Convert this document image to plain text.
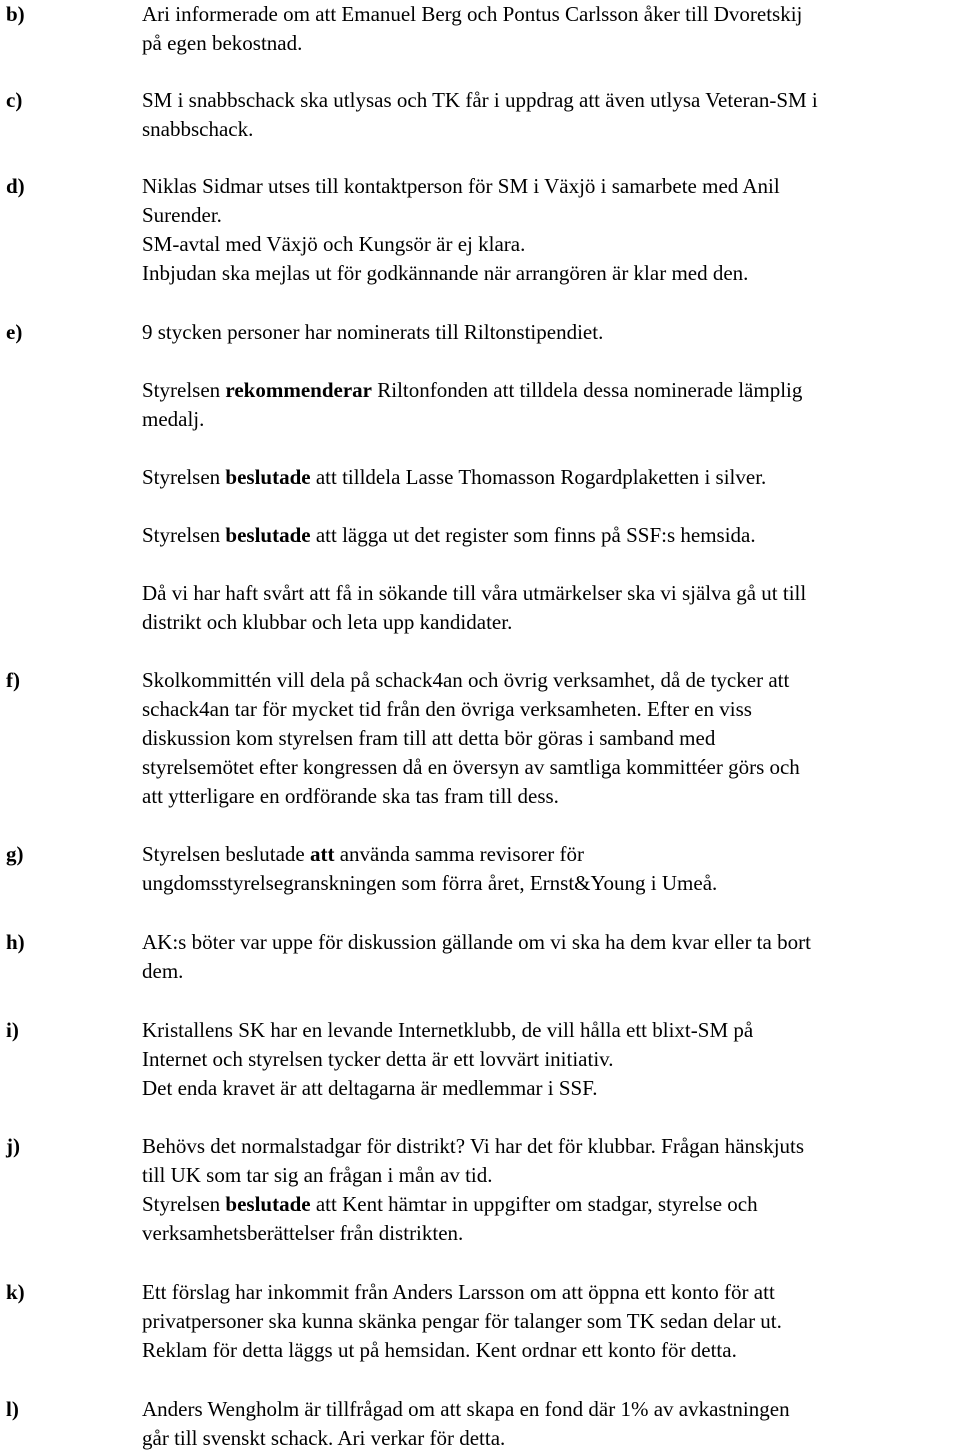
b)	Ari informerade om att Emanuel Berg och Pontus Carlsson åker till Dvoretskij
på egen bekostnad.
c)	SM i snabbschack ska utlysas och TK får i uppdrag att även utlysa Veteran-SM i
snabbschack.
d)	Niklas Sidmar utses till kontaktperson för SM i Växjö i samarbete med Anil
Surender.
SM-avtal med Växjö och Kungsör är ej klara.
Inbjudan ska mejlas ut för godkännande när arrangören är klar med den.
e)	9 stycken personer har nominerats till Riltonstipendiet.
Styrelsen rekommenderar Riltonfonden att tilldela dessa nominerade lämplig
medalj.
Styrelsen beslutade att tilldela Lasse Thomasson Rogardplaketten i silver.
Styrelsen beslutade att lägga ut det register som finns på SSF:s hemsida.
Då vi har haft svårt att få in sökande till våra utmärkelser ska vi själva gå ut till
distrikt och klubbar och leta upp kandidater.
f)	Skolkommittén vill dela på schack4an och övrig verksamhet, då de tycker att
schack4an tar för mycket tid från den övriga verksamheten. Efter en viss
diskussion kom styrelsen fram till att detta bör göras i samband med
styrelsemötet efter kongressen då en översyn av samtliga kommittéer görs och
att ytterligare en ordförande ska tas fram till dess.
g)	Styrelsen beslutade att använda samma revisorer för
ungdomsstyrelsegranskningen som förra året, Ernst&Young i Umeå.
h)	AK:s böter var uppe för diskussion gällande om vi ska ha dem kvar eller ta bort
dem.
i)	Kristallens SK har en levande Internetklubb, de vill hålla ett blixt-SM på
Internet och styrelsen tycker detta är ett lovvärt initiativ.
Det enda kravet är att deltagarna är medlemmar i SSF.
j)	Behövs det normalstadgar för distrikt? Vi har det för klubbar. Frågan hänskjuts
till UK som tar sig an frågan i mån av tid.
Styrelsen beslutade att Kent hämtar in uppgifter om stadgar, styrelse och
verksamhetsberättelser från distrikten.
k)	Ett förslag har inkommit från Anders Larsson om att öppna ett konto för att
privatpersoner ska kunna skänka pengar för talanger som TK sedan delar ut.
Reklam för detta läggs ut på hemsidan. Kent ordnar ett konto för detta.
l)	Anders Wengholm är tillfrågad om att skapa en fond där 1% av avkastningen
går till svenskt schack. Ari verkar för detta.
